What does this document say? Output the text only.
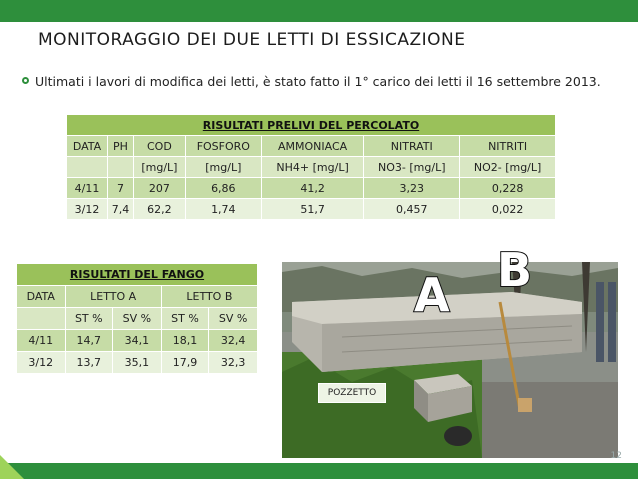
MONITORAGGIO DEI DUE LETTI DI ESSICAZIONE
Ultimati i lavori di modifica dei letti, è stato fatto il 1° carico dei letti il 16 settembre 2013.
RISULTATI PRELIVI DEL PERCOLATO						
DATA	PH	COD	FOSFORO	AMMONIACA	NITRATI	NITRITI
		[mg/L]	[mg/L]	NH4+ [mg/L]	NO3- [mg/L]	NO2- [mg/L]
4/11	7	207	6,86	41,2	3,23	0,228
3/12	7,4	62,2	1,74	51,7	0,457	0,022
RISULTATI DEL FANGO				
DATA	LETTO A		LETTO B	
	ST %	SV %	ST %	SV %
4/11	14,7	34,1	18,1	32,4
3/12	13,7	35,1	17,9	32,3
A B
POZZETTO
12
